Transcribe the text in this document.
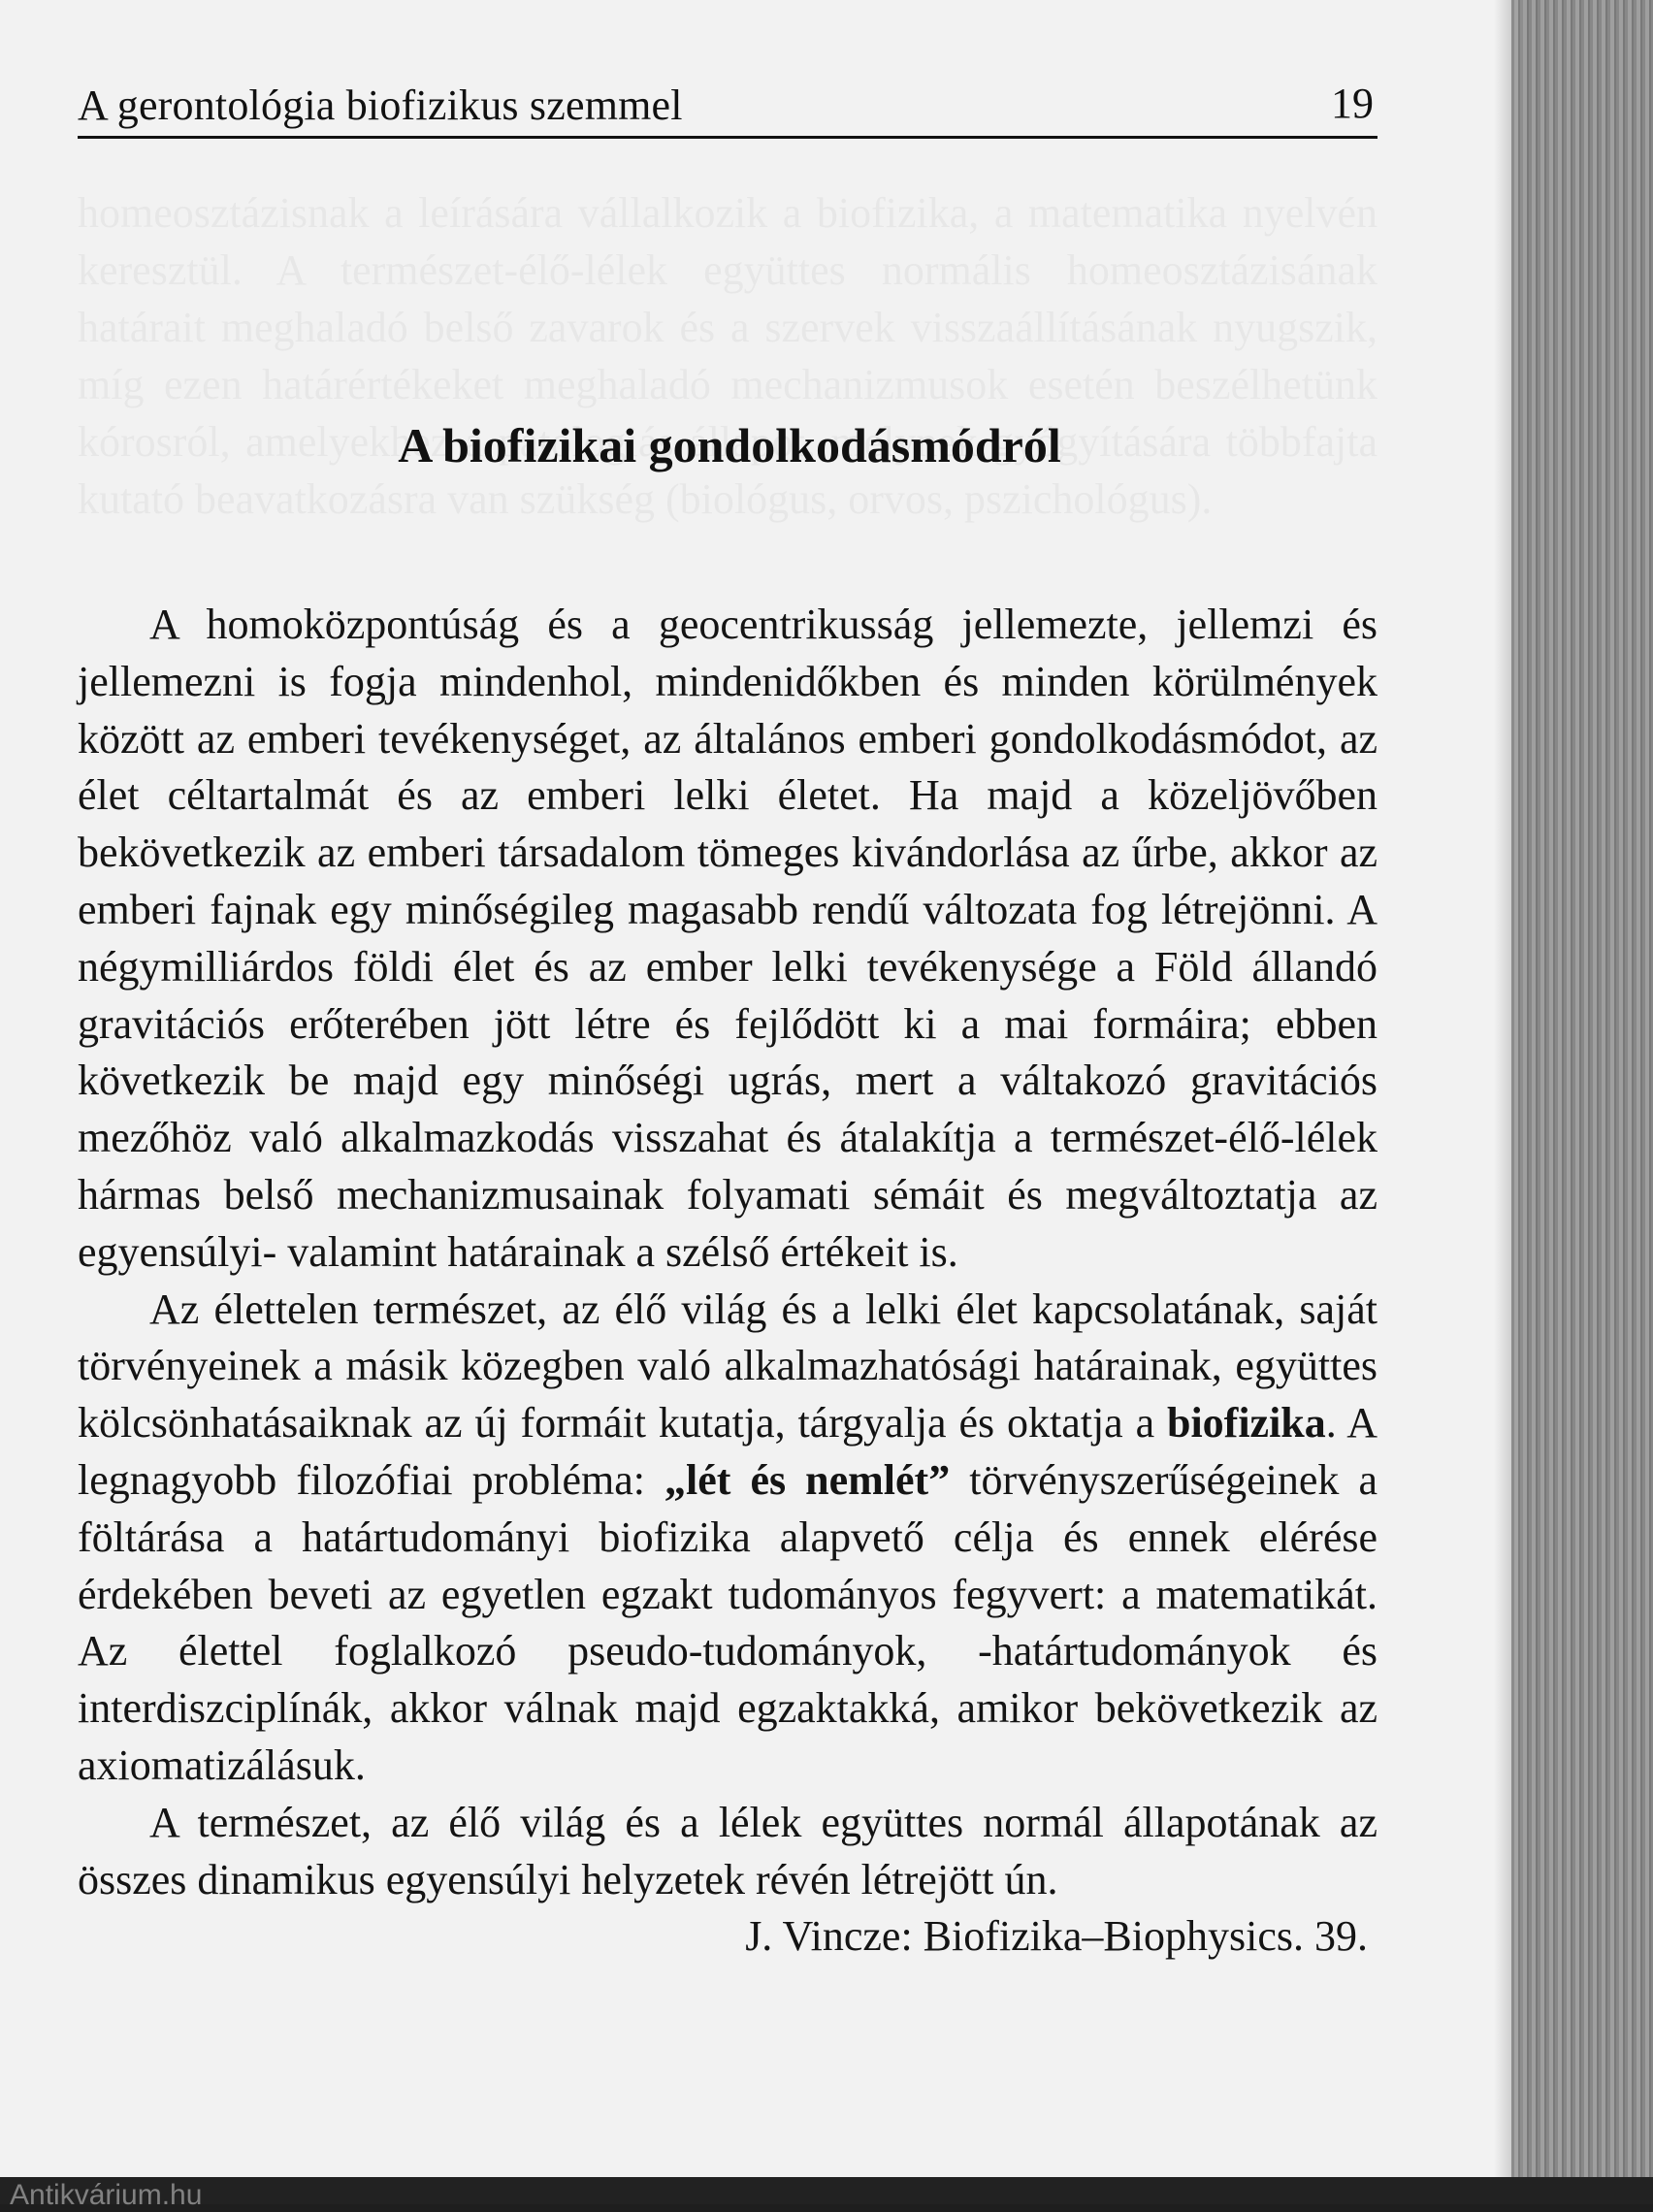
A gerontológia biofizikus szemmel	19
A biofizikai gondolkodásmódról

A homoközpontúság és a geocentrikusság jellemezte, jellemzi és jellemezni is fogja mindenhol, mindenidőkben és minden körülmények között az emberi tevékenységet, az általános emberi gondolkodásmódot, az élet céltartalmát és az emberi lelki életet. Ha majd a közeljövőben bekövetkezik az emberi társadalom tömeges kivándorlása az űrbe, akkor az emberi fajnak egy minőségileg magasabb rendű változata fog létrejönni. A négymilliárdos földi élet és az ember lelki tevékenysége a Föld állandó gravitációs erőterében jött létre és fejlődött ki a mai formáira; ebben következik be majd egy minőségi ugrás, mert a váltakozó gravitációs mezőhöz való alkalmazkodás visszahat és átalakítja a természet-élő-lélek hármas belső mechanizmusainak folyamati sémáit és megváltoztatja az egyensúlyi- valamint határainak a szélső értékeit is.

Az élettelen természet, az élő világ és a lelki élet kapcsolatának, saját törvényeinek a másik közegben való alkalmazhatósági határainak, együttes kölcsönhatásaiknak az új formáit kutatja, tárgyalja és oktatja a biofizika. A legnagyobb filozófiai probléma: „lét és nemlét” törvényszerűségeinek a föltárása a határtudományi biofizika alapvető célja és ennek elérése érdekében beveti az egyetlen egzakt tudományos fegyvert: a matematikát. Az élettel foglalkozó pseudo-tudományok, -határtudományok és interdiszciplínák, akkor válnak majd egzaktakká, amikor bekövetkezik az axiomatizálásuk.

A természet, az élő világ és a lélek együttes normál állapotának az összes dinamikus egyensúlyi helyzetek révén létrejött ún.

J. Vincze: Biofizika–Biophysics. 39.

Antikvárium.hu
